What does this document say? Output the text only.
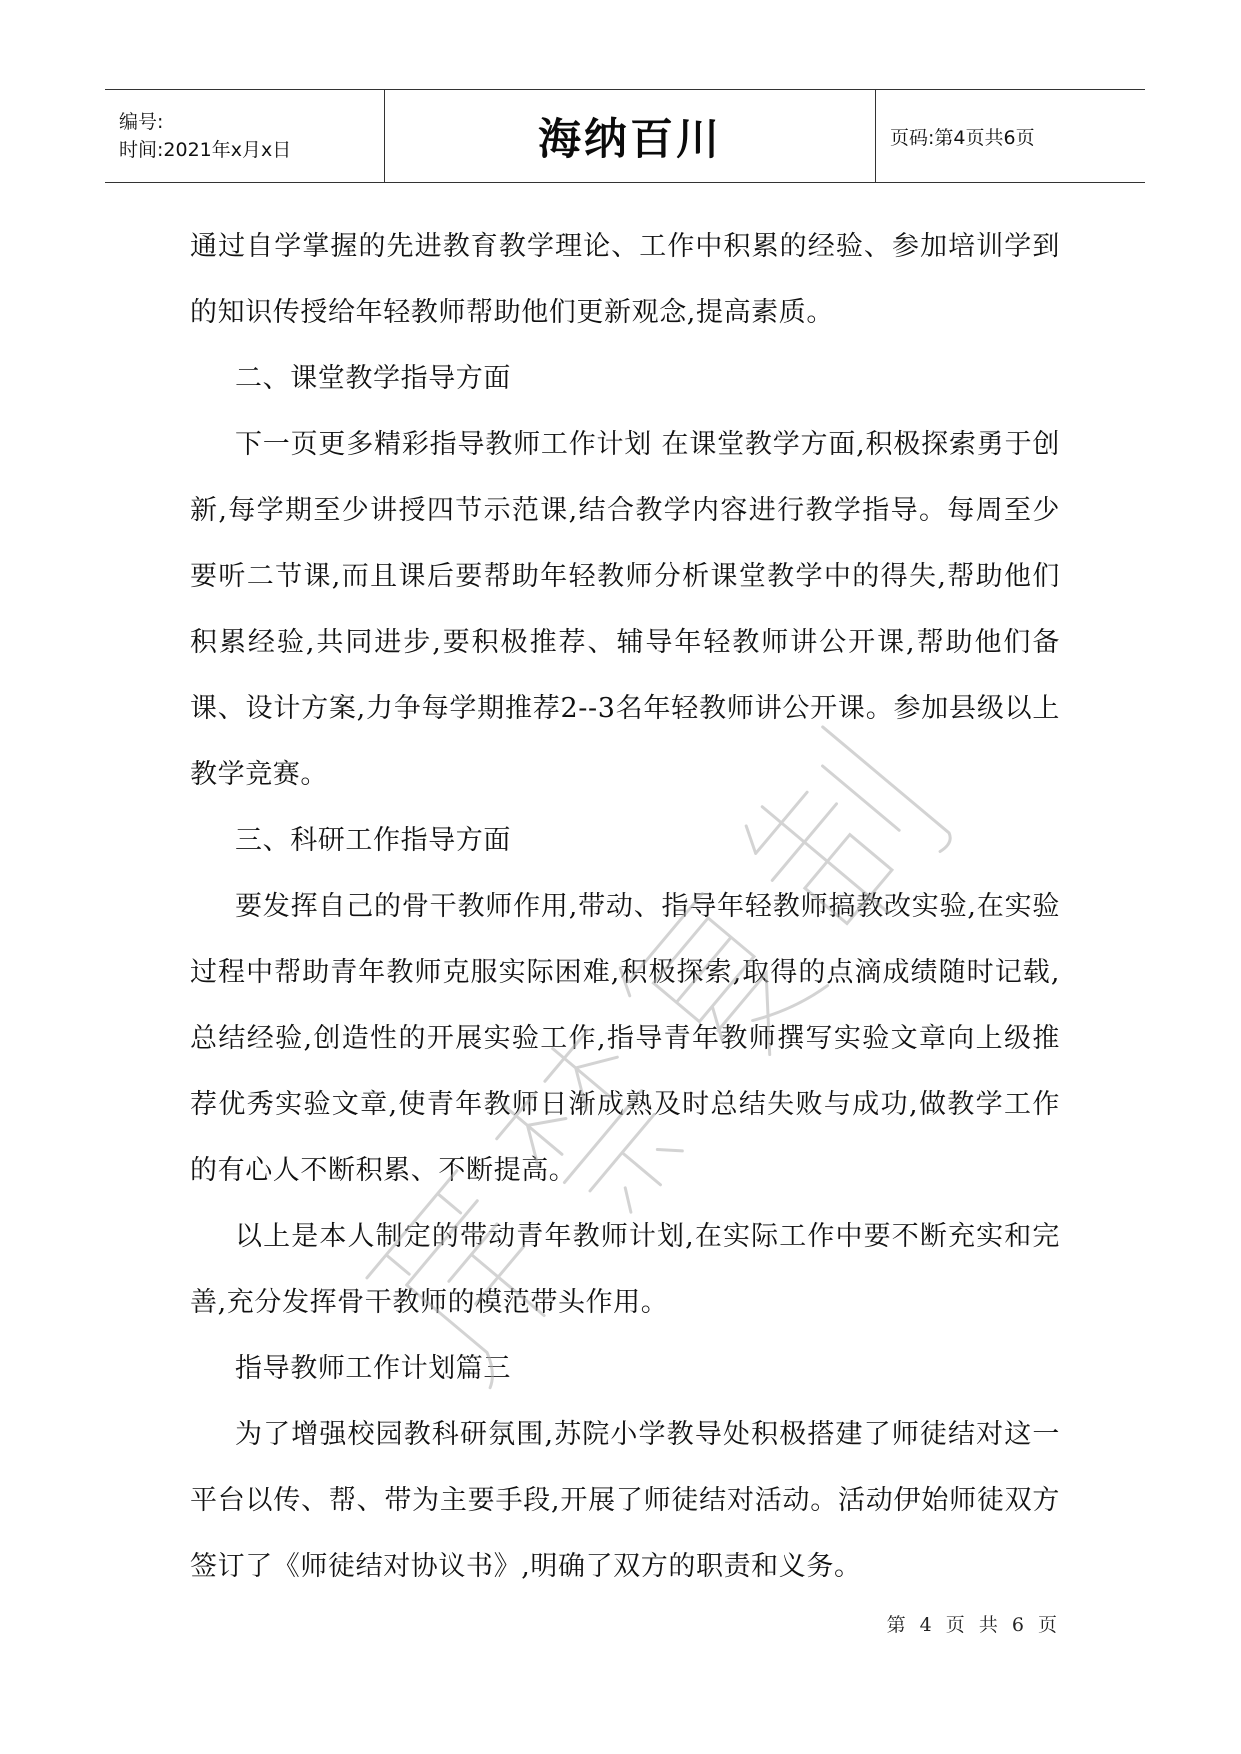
编号:
时间:2021年x月x日	海纳百川	页码:第4页共6页

通过自学掌握的先进教育教学理论、工作中积累的经验、参加培训学到的知识传授给年轻教师帮助他们更新观念,提高素质。

二、课堂教学指导方面

下一页更多精彩指导教师工作计划 在课堂教学方面,积极探索勇于创新,每学期至少讲授四节示范课,结合教学内容进行教学指导。每周至少要听二节课,而且课后要帮助年轻教师分析课堂教学中的得失,帮助他们积累经验,共同进步,要积极推荐、辅导年轻教师讲公开课,帮助他们备课、设计方案,力争每学期推荐2--3名年轻教师讲公开课。参加县级以上教学竞赛。

三、科研工作指导方面

要发挥自己的骨干教师作用,带动、指导年轻教师搞教改实验,在实验过程中帮助青年教师克服实际困难,积极探索,取得的点滴成绩随时记载,总结经验,创造性的开展实验工作,指导青年教师撰写实验文章向上级推荐优秀实验文章,使青年教师日渐成熟及时总结失败与成功,做教学工作的有心人不断积累、不断提高。

以上是本人制定的带动青年教师计划,在实际工作中要不断充实和完善,充分发挥骨干教师的模范带头作用。

指导教师工作计划篇三

为了增强校园教科研氛围,苏院小学教导处积极搭建了师徒结对这一平台以传、帮、带为主要手段,开展了师徒结对活动。活动伊始师徒双方签订了《师徒结对协议书》,明确了双方的职责和义务。

第 4 页 共 6 页
